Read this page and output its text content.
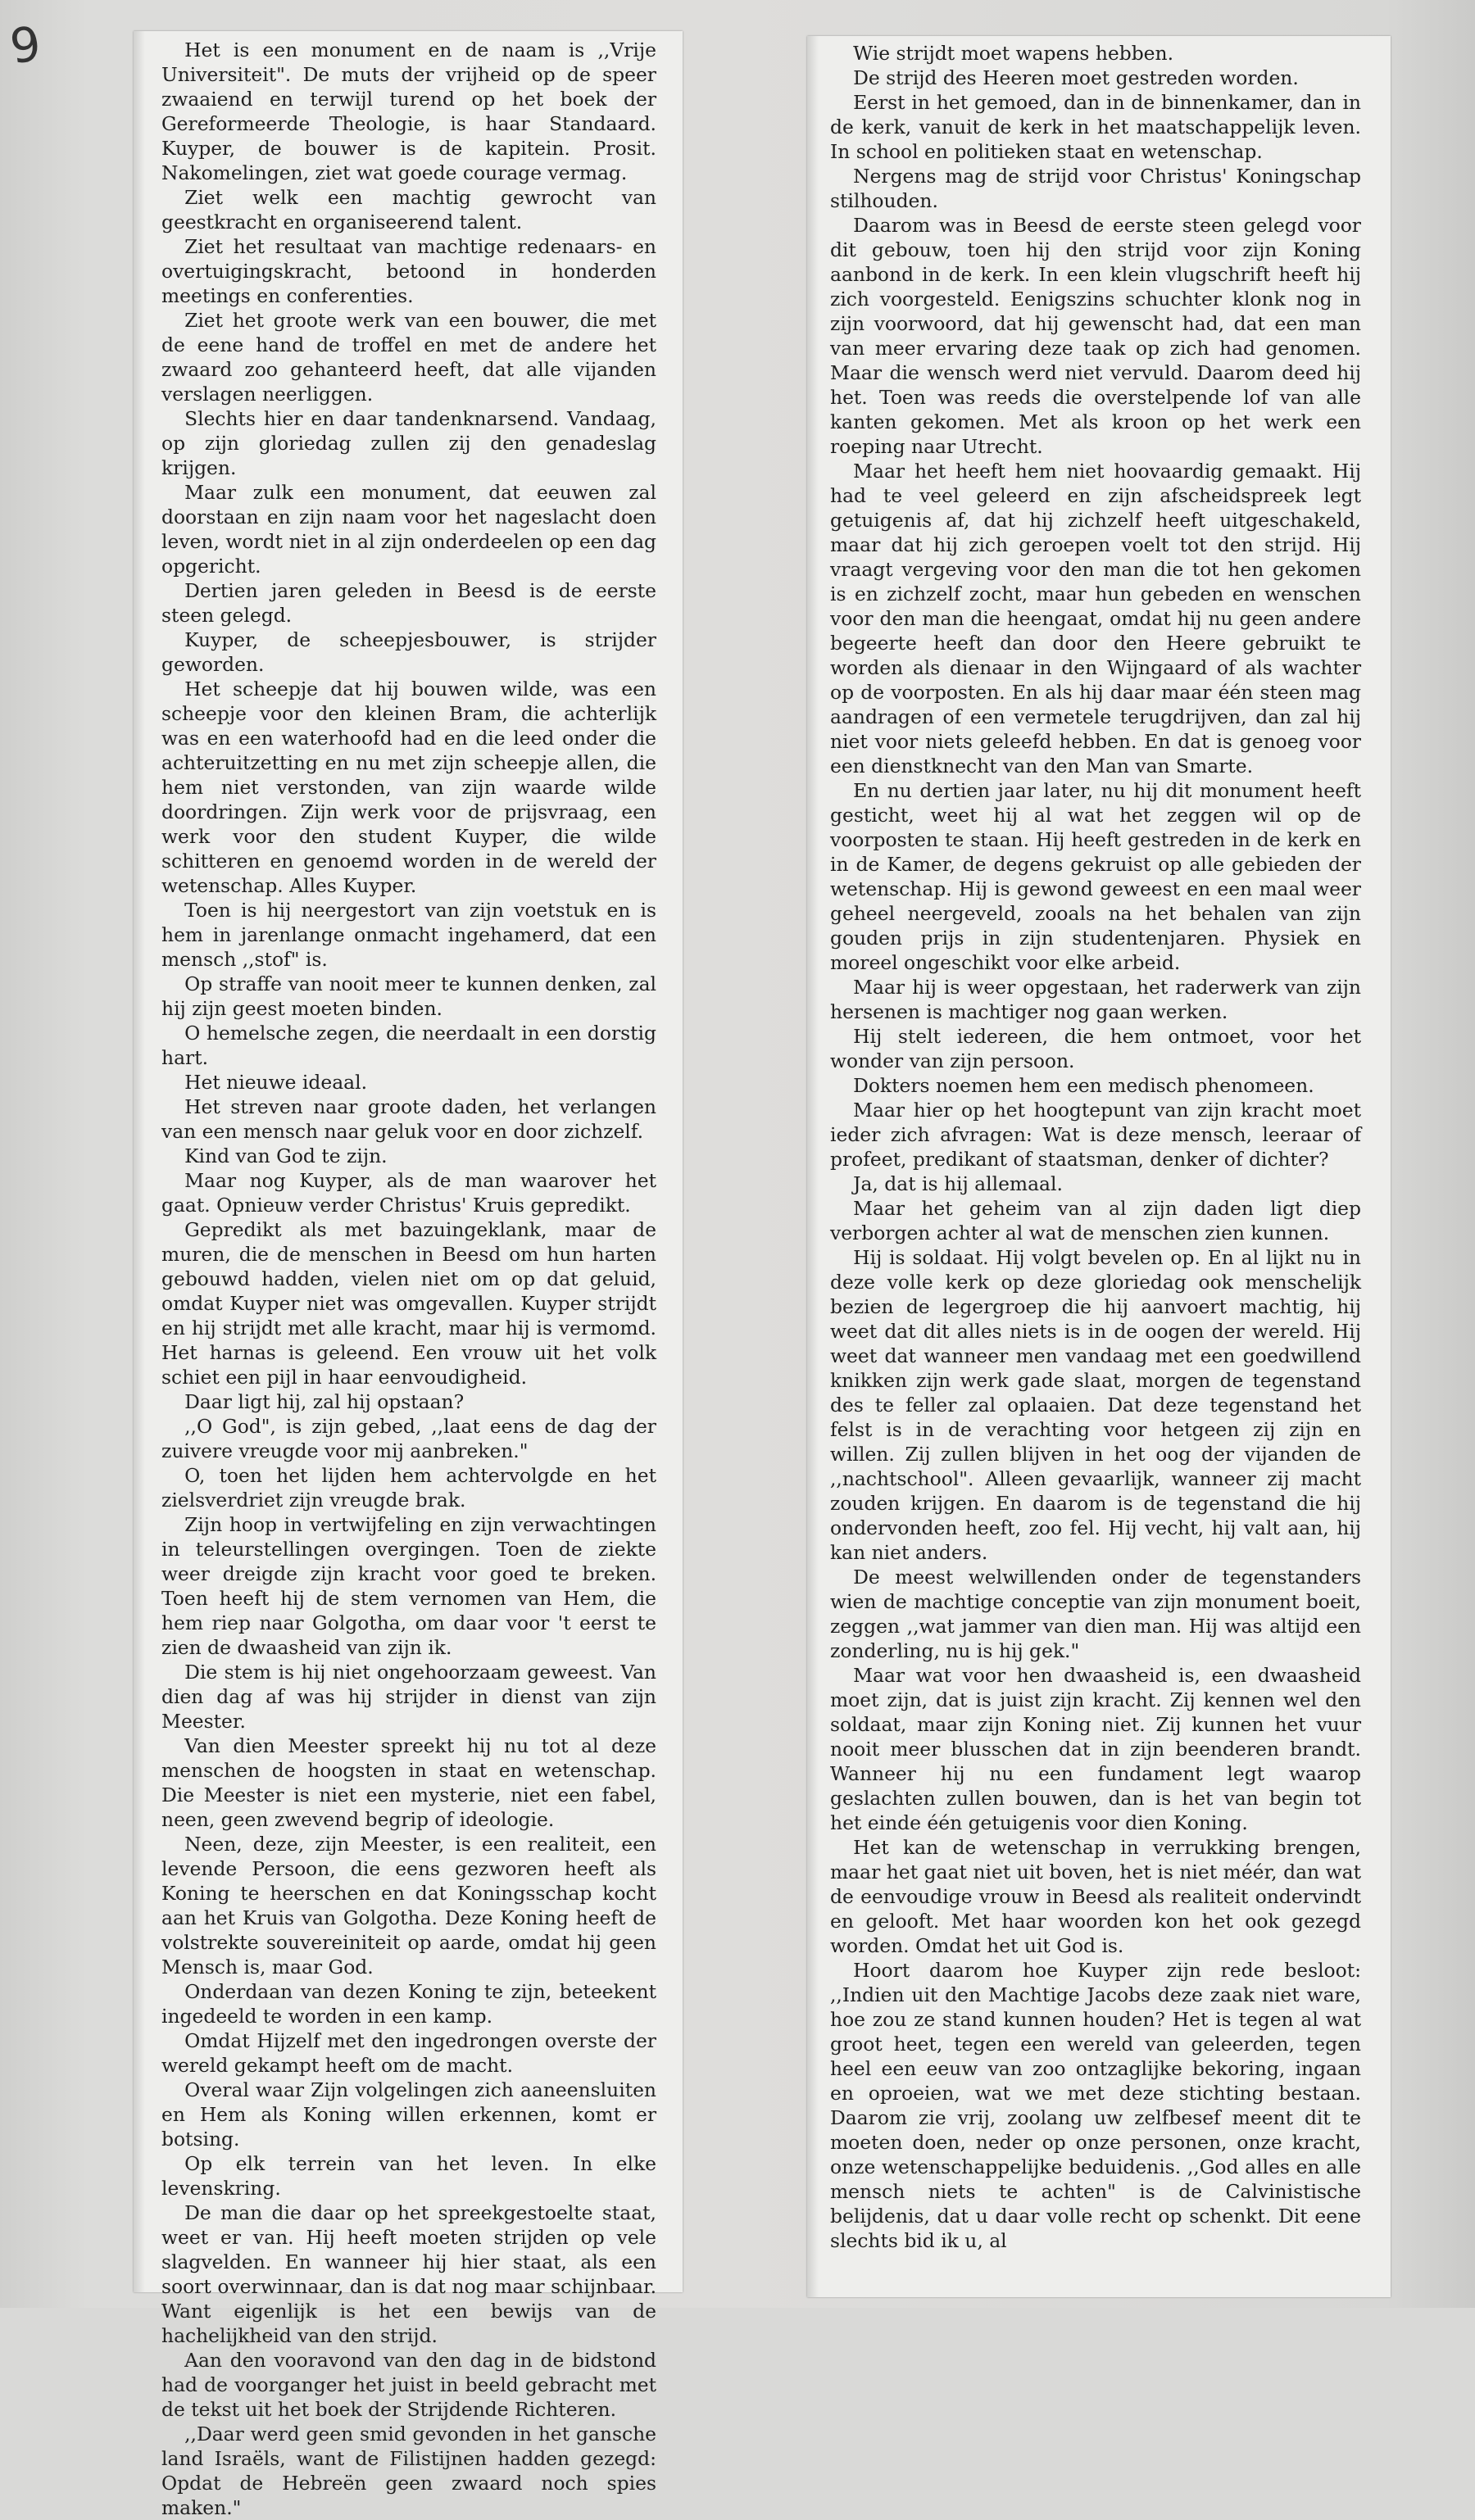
9	Het is een monument en de naam is ,,Vrije Universiteit". De muts der vrijheid op de speer zwaaiend en terwijl turend op het boek der Gereformeerde Theologie, is haar Standaard. Kuyper, de bouwer is de kapitein. Prosit. Nakomelingen, ziet wat goede courage vermag.

Ziet welk een machtig gewrocht van geestkracht en organiseerend talent.

Ziet het resultaat van machtige redenaars- en overtuigingskracht, betoond in honderden meetings en conferenties.

Ziet het groote werk van een bouwer, die met de eene hand de troffel en met de andere het zwaard zoo gehanteerd heeft, dat alle vijanden verslagen neerliggen.

Slechts hier en daar tandenknarsend. Vandaag, op zijn gloriedag zullen zij den genadeslag krijgen.

Maar zulk een monument, dat eeuwen zal doorstaan en zijn naam voor het nageslacht doen leven, wordt niet in al zijn onderdeelen op een dag opgericht.

Dertien jaren geleden in Beesd is de eerste steen gelegd.

Kuyper, de scheepjesbouwer, is strijder geworden.

Het scheepje dat hij bouwen wilde, was een scheepje voor den kleinen Bram, die achterlijk was en een waterhoofd had en die leed onder die achteruitzetting en nu met zijn scheepje allen, die hem niet verstonden, van zijn waarde wilde doordringen. Zijn werk voor de prijsvraag, een werk voor den student Kuyper, die wilde schitteren en genoemd worden in de wereld der wetenschap. Alles Kuyper.

Toen is hij neergestort van zijn voetstuk en is hem in jarenlange onmacht ingehamerd, dat een mensch ,,stof" is.

Op straffe van nooit meer te kunnen denken, zal hij zijn geest moeten binden.

O hemelsche zegen, die neerdaalt in een dorstig hart.

Het nieuwe ideaal.

Het streven naar groote daden, het verlangen van een mensch naar geluk voor en door zichzelf.

Kind van God te zijn.

Maar nog Kuyper, als de man waarover het gaat. Opnieuw verder Christus' Kruis gepredikt.

Gepredikt als met bazuingeklank, maar de muren, die de menschen in Beesd om hun harten gebouwd hadden, vielen niet om op dat geluid, omdat Kuyper niet was omgevallen. Kuyper strijdt en hij strijdt met alle kracht, maar hij is vermomd. Het harnas is geleend. Een vrouw uit het volk schiet een pijl in haar eenvoudigheid.

Daar ligt hij, zal hij opstaan?

,,O God", is zijn gebed, ,,laat eens de dag der zuivere vreugde voor mij aanbreken."

O, toen het lijden hem achtervolgde en het zielsverdriet zijn vreugde brak.

Zijn hoop in vertwijfeling en zijn verwachtingen in teleurstellingen overgingen. Toen de ziekte weer dreigde zijn kracht voor goed te breken. Toen heeft hij de stem vernomen van Hem, die hem riep naar Golgotha, om daar voor 't eerst te zien de dwaasheid van zijn ik.

Die stem is hij niet ongehoorzaam geweest. Van dien dag af was hij strijder in dienst van zijn Meester.

Van dien Meester spreekt hij nu tot al deze menschen de hoogsten in staat en wetenschap. Die Meester is niet een mysterie, niet een fabel, neen, geen zwevend begrip of ideologie.

Neen, deze, zijn Meester, is een realiteit, een levende Persoon, die eens gezworen heeft als Koning te heerschen en dat Koningsschap kocht aan het Kruis van Golgotha. Deze Koning heeft de volstrekte souvereiniteit op aarde, omdat hij geen Mensch is, maar God.

Onderdaan van dezen Koning te zijn, beteekent ingedeeld te worden in een kamp.

Omdat Hijzelf met den ingedrongen overste der wereld gekampt heeft om de macht.

Overal waar Zijn volgelingen zich aaneensluiten en Hem als Koning willen erkennen, komt er botsing.

Op elk terrein van het leven. In elke levenskring.

De man die daar op het spreekgestoelte staat, weet er van. Hij heeft moeten strijden op vele slagvelden. En wanneer hij hier staat, als een soort overwinnaar, dan is dat nog maar schijnbaar. Want eigenlijk is het een bewijs van de hachelijkheid van den strijd.

Aan den vooravond van den dag in de bidstond had de voorganger het juist in beeld gebracht met de tekst uit het boek der Strijdende Richteren.

,,Daar werd geen smid gevonden in het gansche land Israëls, want de Filistijnen hadden gezegd: Opdat de Hebreën geen zwaard noch spies maken."

Wie strijdt moet wapens hebben.

De strijd des Heeren moet gestreden worden.

Eerst in het gemoed, dan in de binnenkamer, dan in de kerk, vanuit de kerk in het maatschappelijk leven. In school en politieken staat en wetenschap.

Nergens mag de strijd voor Christus' Koningschap stilhouden.

Daarom was in Beesd de eerste steen gelegd voor dit gebouw, toen hij den strijd voor zijn Koning aanbond in de kerk. In een klein vlugschrift heeft hij zich voorgesteld. Eenigszins schuchter klonk nog in zijn voorwoord, dat hij gewenscht had, dat een man van meer ervaring deze taak op zich had genomen. Maar die wensch werd niet vervuld. Daarom deed hij het. Toen was reeds die overstelpende lof van alle kanten gekomen. Met als kroon op het werk een roeping naar Utrecht.

Maar het heeft hem niet hoovaardig gemaakt. Hij had te veel geleerd en zijn afscheidspreek legt getuigenis af, dat hij zichzelf heeft uitgeschakeld, maar dat hij zich geroepen voelt tot den strijd. Hij vraagt vergeving voor den man die tot hen gekomen is en zichzelf zocht, maar hun gebeden en wenschen voor den man die heengaat, omdat hij nu geen andere begeerte heeft dan door den Heere gebruikt te worden als dienaar in den Wijngaard of als wachter op de voorposten. En als hij daar maar één steen mag aandragen of een vermetele terugdrijven, dan zal hij niet voor niets geleefd hebben. En dat is genoeg voor een dienstknecht van den Man van Smarte.

En nu dertien jaar later, nu hij dit monument heeft gesticht, weet hij al wat het zeggen wil op de voorposten te staan. Hij heeft gestreden in de kerk en in de Kamer, de degens gekruist op alle gebieden der wetenschap. Hij is gewond geweest en een maal weer geheel neergeveld, zooals na het behalen van zijn gouden prijs in zijn studentenjaren. Physiek en moreel ongeschikt voor elke arbeid.

Maar hij is weer opgestaan, het raderwerk van zijn hersenen is machtiger nog gaan werken.

Hij stelt iedereen, die hem ontmoet, voor het wonder van zijn persoon.

Dokters noemen hem een medisch phenomeen.

Maar hier op het hoogtepunt van zijn kracht moet ieder zich afvragen: Wat is deze mensch, leeraar of profeet, predikant of staatsman, denker of dichter?

Ja, dat is hij allemaal.

Maar het geheim van al zijn daden ligt diep verborgen achter al wat de menschen zien kunnen.

Hij is soldaat. Hij volgt bevelen op. En al lijkt nu in deze volle kerk op deze gloriedag ook menschelijk bezien de legergroep die hij aanvoert machtig, hij weet dat dit alles niets is in de oogen der wereld. Hij weet dat wanneer men vandaag met een goedwillend knikken zijn werk gade slaat, morgen de tegenstand des te feller zal oplaaien. Dat deze tegenstand het felst is in de verachting voor hetgeen zij zijn en willen. Zij zullen blijven in het oog der vijanden de ,,nachtschool". Alleen gevaarlijk, wanneer zij macht zouden krijgen. En daarom is de tegenstand die hij ondervonden heeft, zoo fel. Hij vecht, hij valt aan, hij kan niet anders.

De meest welwillenden onder de tegenstanders wien de machtige conceptie van zijn monument boeit, zeggen ,,wat jammer van dien man. Hij was altijd een zonderling, nu is hij gek."

Maar wat voor hen dwaasheid is, een dwaasheid moet zijn, dat is juist zijn kracht. Zij kennen wel den soldaat, maar zijn Koning niet. Zij kunnen het vuur nooit meer blusschen dat in zijn beenderen brandt. Wanneer hij nu een fundament legt waarop geslachten zullen bouwen, dan is het van begin tot het einde één getuigenis voor dien Koning.

Het kan de wetenschap in verrukking brengen, maar het gaat niet uit boven, het is niet méér, dan wat de eenvoudige vrouw in Beesd als realiteit ondervindt en gelooft. Met haar woorden kon het ook gezegd worden. Omdat het uit God is.

Hoort daarom hoe Kuyper zijn rede besloot: ,,Indien uit den Machtige Jacobs deze zaak niet ware, hoe zou ze stand kunnen houden? Het is tegen al wat groot heet, tegen een wereld van geleerden, tegen heel een eeuw van zoo ontzaglijke bekoring, ingaan en oproeien, wat we met deze stichting bestaan. Daarom zie vrij, zoolang uw zelfbesef meent dit te moeten doen, neder op onze personen, onze kracht, onze wetenschappelijke beduidenis. ,,God alles en alle mensch niets te achten" is de Calvinistische belijdenis, dat u daar volle recht op schenkt. Dit eene slechts bid ik u, al
